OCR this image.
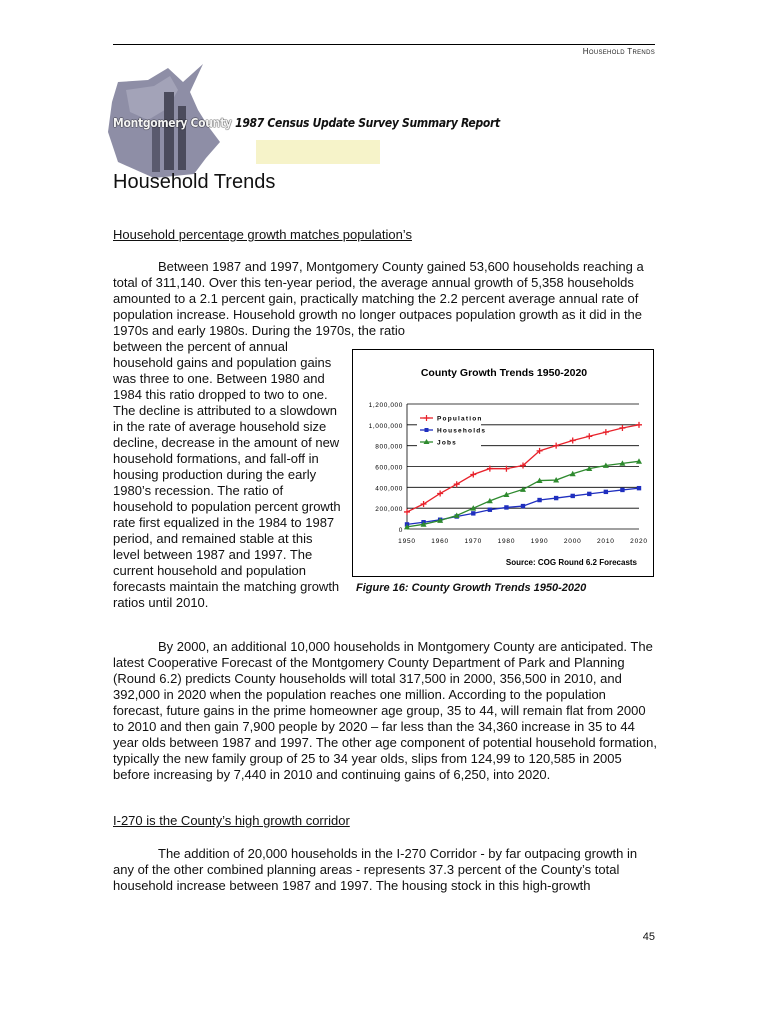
Household Trends
Montgomery County 1987 Census Update Survey Summary Report
Household Trends
Household percentage growth matches population’s

Between 1987 and 1997, Montgomery County gained 53,600 households reaching a total of 311,140. Over this ten-year period, the average annual growth of 5,358 households amounted to a 2.1 percent gain, practically matching the 2.2 percent average annual rate of population increase. Household growth no longer outpaces population growth as it did in the 1970s and early 1980s. During the 1970s, the ratio

between the percent of annual household gains and population gains was three to one. Between 1980 and 1984 this ratio dropped to two to one. The decline is attributed to a slowdown in the rate of average household size decline, decrease in the amount of new household formations, and fall-off in housing production during the early 1980’s recession. The ratio of household to population percent growth rate first equalized in the 1984 to 1987 period, and remained stable at this level between 1987 and 1997. The current household and population forecasts maintain the matching growth ratios until 2010.

County Growth Trends 1950-2020
0
200,000
400,000
600,000
800,000
1,000,000
1,200,000
1950 1960 1970 1980 1990 2000 2010 2020
Population
Households
Jobs
Source: COG Round 6.2 Forecasts
Figure 16: County Growth Trends 1950-2020

By 2000, an additional 10,000 households in Montgomery County are anticipated. The latest Cooperative Forecast of the Montgomery County Department of Park and Planning (Round 6.2) predicts County households will total 317,500 in 2000, 356,500 in 2010, and 392,000 in 2020 when the population reaches one million. According to the population forecast, future gains in the prime homeowner age group, 35 to 44, will remain flat from 2000 to 2010 and then gain 7,900 people by 2020 – far less than the 34,360 increase in 35 to 44 year olds between 1987 and 1997. The other age component of potential household formation, typically the new family group of 25 to 34 year olds, slips from 124,99 to 120,585 in 2005 before increasing by 7,440 in 2010 and continuing gains of 6,250, into 2020.

I-270 is the County’s high growth corridor

The addition of 20,000 households in the I-270 Corridor - by far outpacing growth in any of the other combined planning areas - represents 37.3 percent of the County’s total household increase between 1987 and 1997. The housing stock in this high-growth

45
